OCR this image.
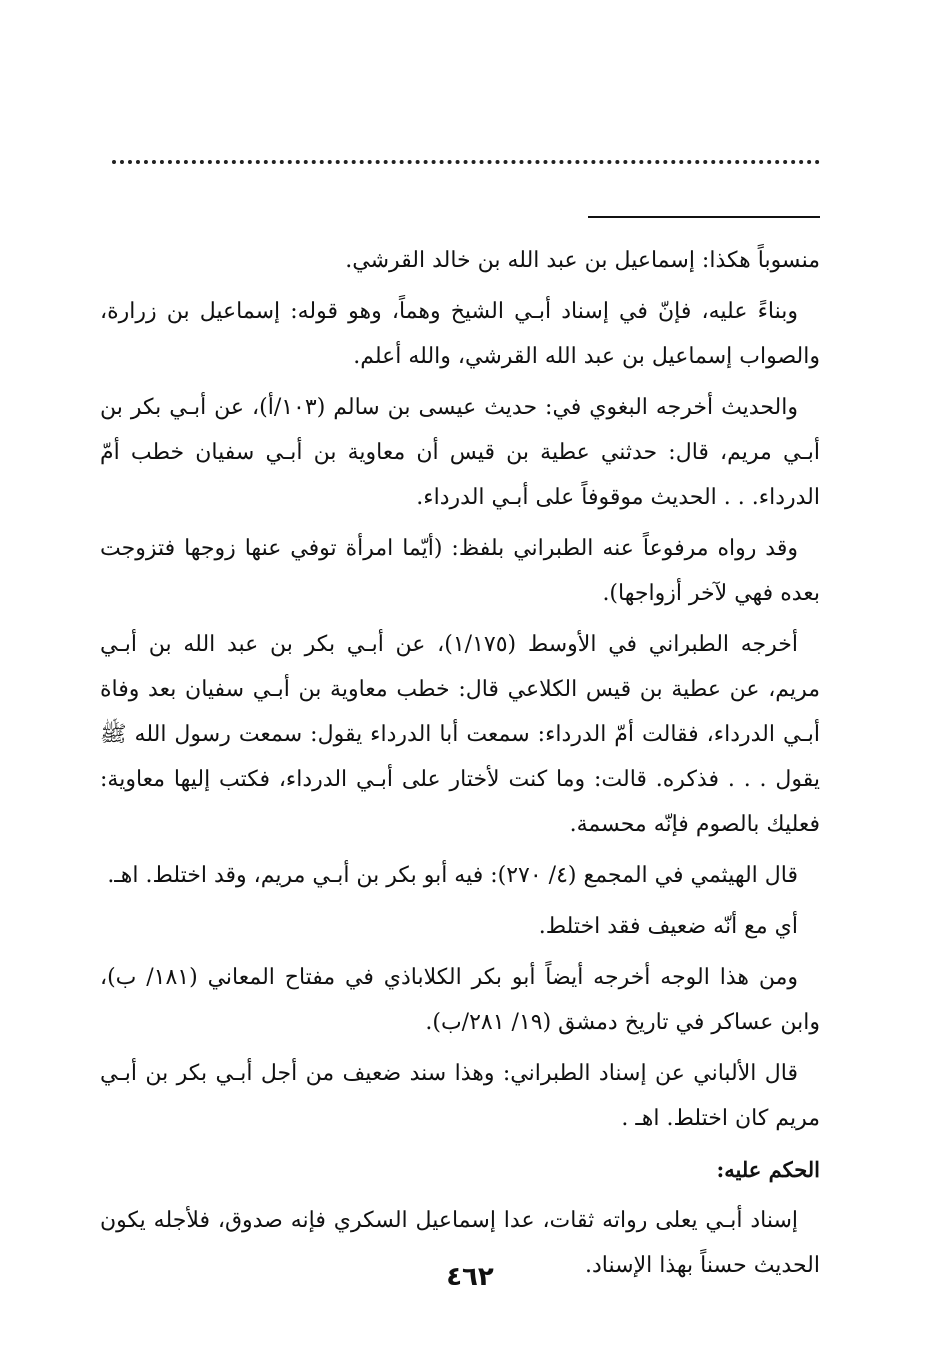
منسوباً هكذا: إسماعيل بن عبد الله بن خالد القرشي.

وبناءً عليه، فإنّ في إسناد أبـي الشيخ وهماً، وهو قوله: إسماعيل بن زرارة، والصواب إسماعيل بن عبد الله القرشي، والله أعلم.

والحديث أخرجه البغوي في: حديث عيسى بن سالم (١٠٣/أ)، عن أبـي بكر بن أبـي مريم، قال: حدثني عطية بن قيس أن معاوية بن أبـي سفيان خطب أمّ الدرداء. . . الحديث موقوفاً على أبـي الدرداء.

وقد رواه مرفوعاً عنه الطبراني بلفظ: (أيّما امرأة توفي عنها زوجها فتزوجت بعده فهي لآخر أزواجها).

أخرجه الطبراني في الأوسط (١/١٧٥)، عن أبـي بكر بن عبد الله بن أبـي مريم، عن عطية بن قيس الكلاعي قال: خطب معاوية بن أبـي سفيان بعد وفاة أبـي الدرداء، فقالت أمّ الدرداء: سمعت أبا الدرداء يقول: سمعت رسول الله ﷺ يقول . . . فذكره. قالت: وما كنت لأختار على أبـي الدرداء، فكتب إليها معاوية: فعليك بالصوم فإنّه محسمة.

قال الهيثمي في المجمع (٤/ ٢٧٠): فيه أبو بكر بن أبـي مريم، وقد اختلط. اهـ.

أي مع أنّه ضعيف فقد اختلط.

ومن هذا الوجه أخرجه أيضاً أبو بكر الكلاباذي في مفتاح المعاني (١٨١/ ب)، وابن عساكر في تاريخ دمشق (١٩/ ٢٨١/ب).

قال الألباني عن إسناد الطبراني: وهذا سند ضعيف من أجل أبـي بكر بن أبـي مريم كان اختلط. اهـ .

الحكم عليه:

إسناد أبـي يعلى رواته ثقات، عدا إسماعيل السكري فإنه صدوق، فلأجله يكون الحديث حسناً بهذا الإسناد.

٤٦٢
